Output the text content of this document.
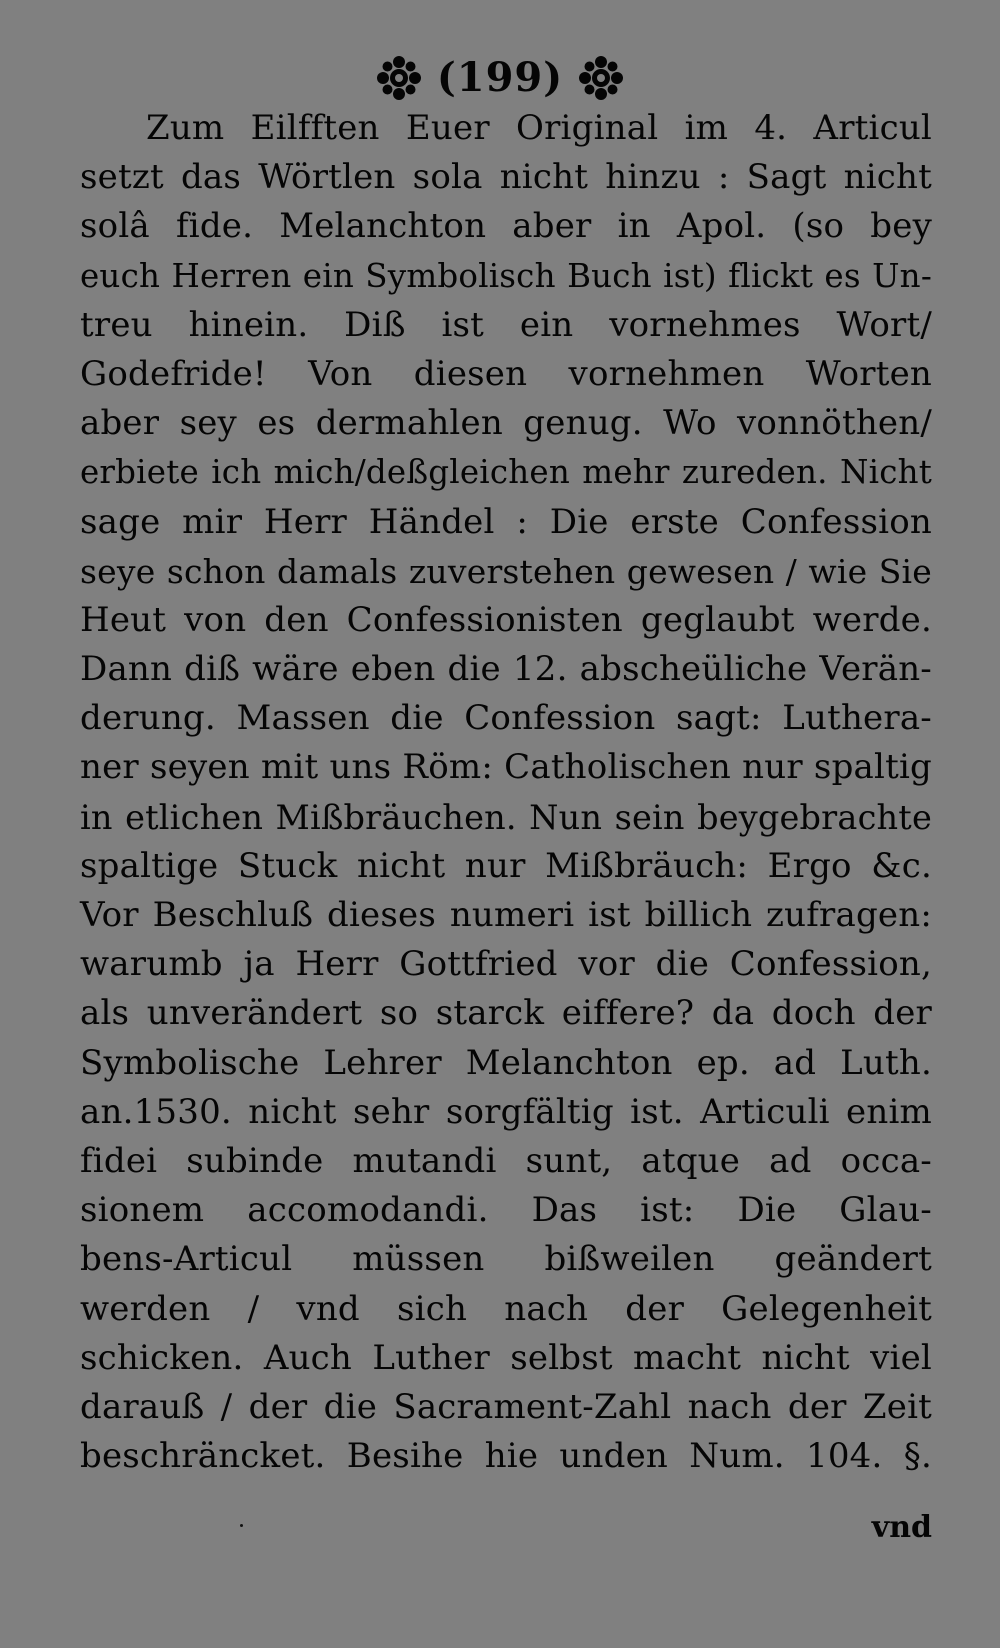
(199)
Zum Eilfften Euer Original im 4. Articul
setzt das Wörtlen sola nicht hinzu : Sagt nicht
solâ fide. Melanchton aber in Apol. (so bey
euch Herren ein Symbolisch Buch ist) flickt es Un-
treu hinein. Diß ist ein vornehmes Wort/
Godefride! Von diesen vornehmen Worten
aber sey es dermahlen genug. Wo vonnöthen/
erbiete ich mich/deßgleichen mehr zureden. Nicht
sage mir Herr Händel : Die erste Confession
seye schon damals zuverstehen gewesen / wie Sie
Heut von den Confessionisten geglaubt werde.
Dann diß wäre eben die 12. abscheüliche Verän-
derung. Massen die Confession sagt: Luthera-
ner seyen mit uns Röm: Catholischen nur spaltig
in etlichen Mißbräuchen. Nun sein beygebrachte
spaltige Stuck nicht nur Mißbräuch: Ergo &c.
Vor Beschluß dieses numeri ist billich zufragen:
warumb ja Herr Gottfried vor die Confession,
als unverändert so starck eiffere? da doch der
Symbolische Lehrer Melanchton ep. ad Luth.
an.1530. nicht sehr sorgfältig ist. Articuli enim
fidei subinde mutandi sunt, atque ad occa-
sionem accomodandi. Das ist: Die Glau-
bens-Articul müssen bißweilen geändert
werden / vnd sich nach der Gelegenheit
schicken. Auch Luther selbst macht nicht viel
darauß / der die Sacrament-Zahl nach der Zeit
beschräncket. Besihe hie unden Num. 104. §.
vnd
